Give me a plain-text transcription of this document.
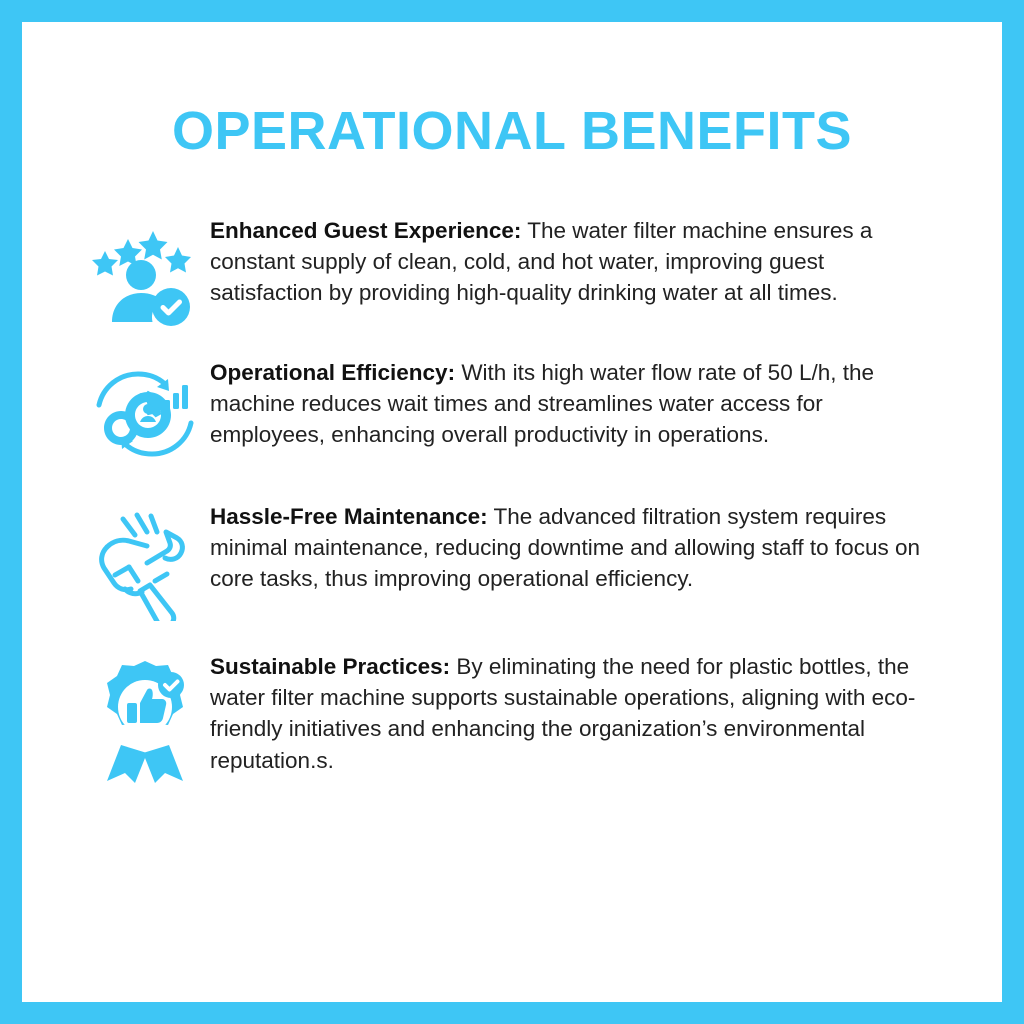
OPERATIONAL BENEFITS
Enhanced Guest Experience: The water filter machine ensures a constant supply of clean, cold, and hot water, improving guest satisfaction by providing high-quality drinking water at all times.
Operational Efficiency: With its high water flow rate of 50 L/h, the machine reduces wait times and streamlines water access for employees, enhancing overall productivity in operations.
Hassle-Free Maintenance: The advanced filtration system requires minimal maintenance, reducing downtime and allowing staff to focus on core tasks, thus improving operational efficiency.
Sustainable Practices: By eliminating the need for plastic bottles, the water filter machine supports sustainable operations, aligning with eco-friendly initiatives and enhancing the organization’s environmental reputation.s.
